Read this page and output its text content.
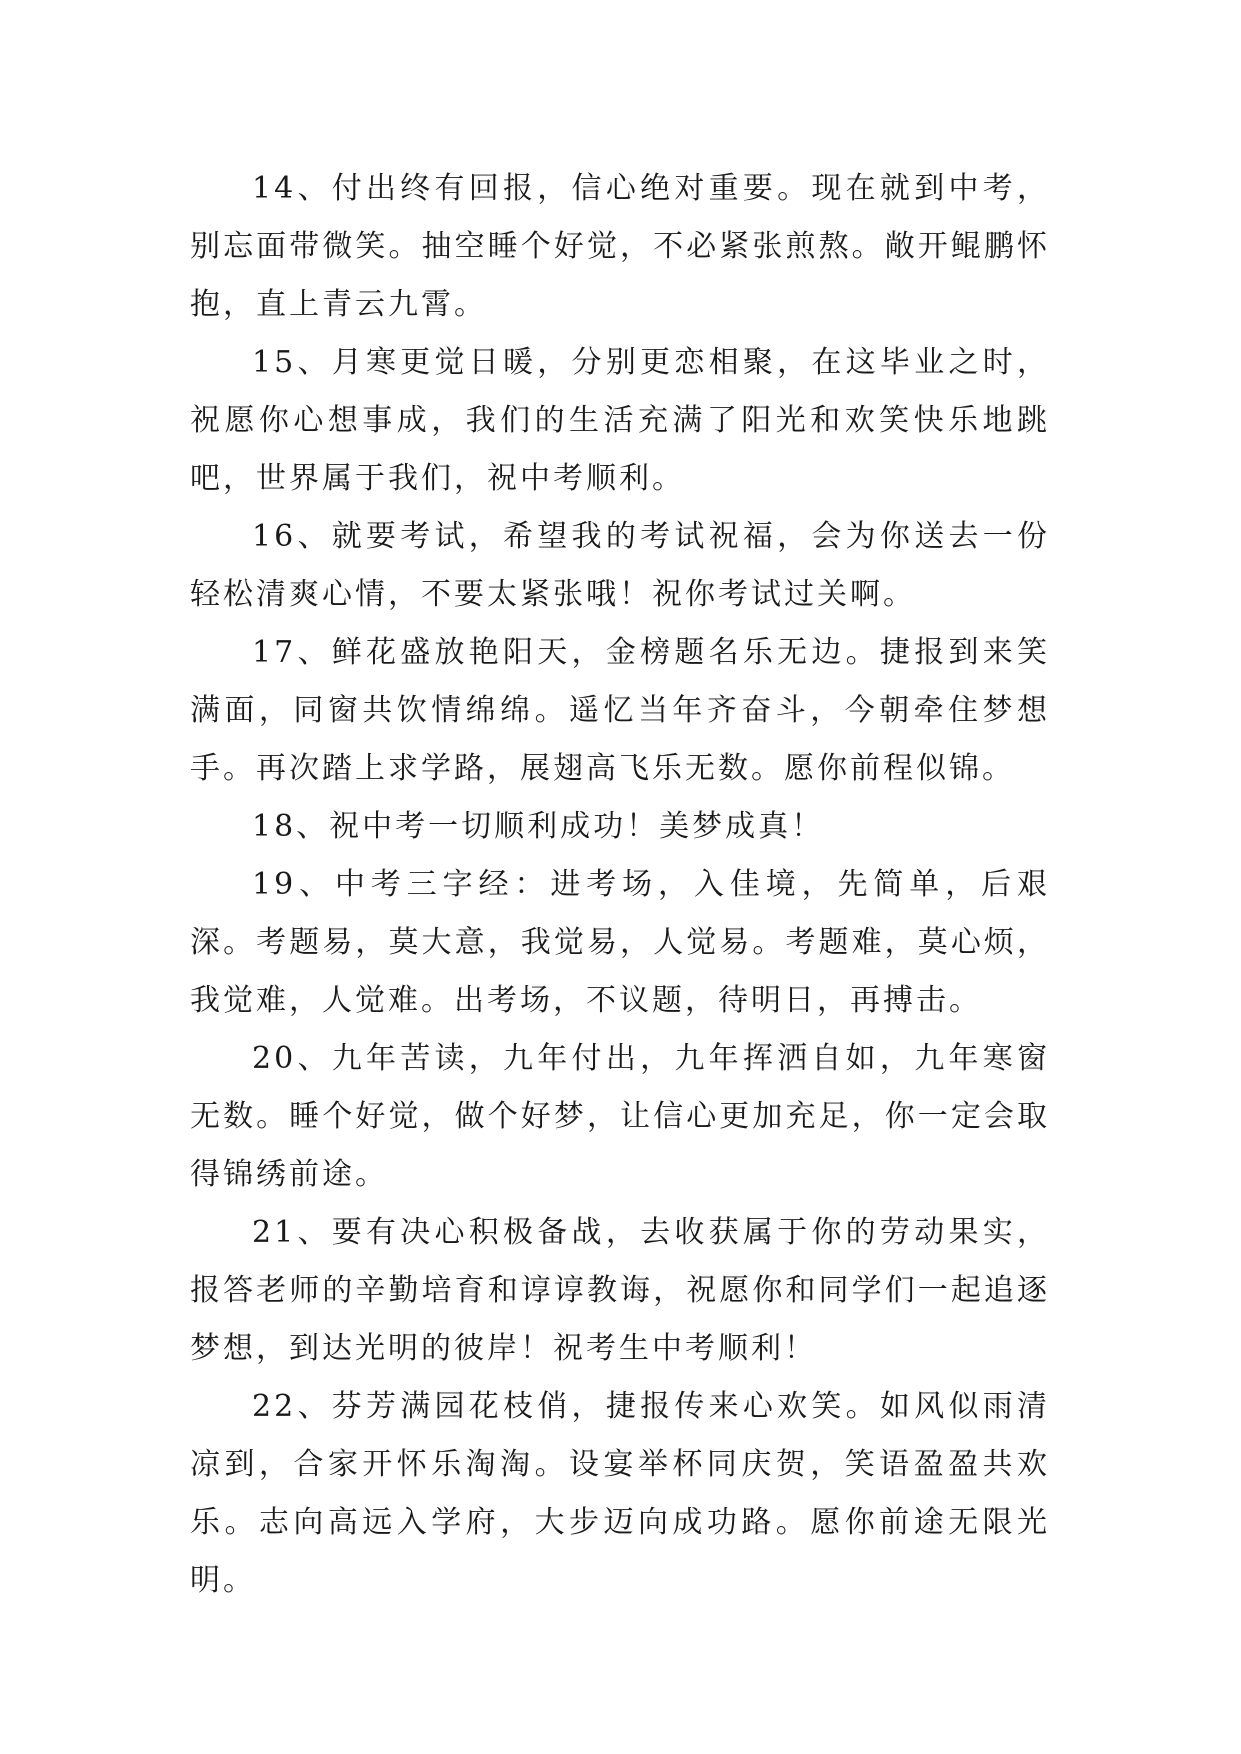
14、付出终有回报，信心绝对重要。现在就到中考，别忘面带微笑。抽空睡个好觉，不必紧张煎熬。敞开鲲鹏怀抱，直上青云九霄。

15、月寒更觉日暖，分别更恋相聚，在这毕业之时，祝愿你心想事成，我们的生活充满了阳光和欢笑快乐地跳吧，世界属于我们，祝中考顺利。

16、就要考试，希望我的考试祝福，会为你送去一份轻松清爽心情，不要太紧张哦！祝你考试过关啊。

17、鲜花盛放艳阳天，金榜题名乐无边。捷报到来笑满面，同窗共饮情绵绵。遥忆当年齐奋斗，今朝牵住梦想手。再次踏上求学路，展翅高飞乐无数。愿你前程似锦。

18、祝中考一切顺利成功！美梦成真！

19、中考三字经：进考场，入佳境，先简单，后艰深。考题易，莫大意，我觉易，人觉易。考题难，莫心烦，我觉难，人觉难。出考场，不议题，待明日，再搏击。

20、九年苦读，九年付出，九年挥洒自如，九年寒窗无数。睡个好觉，做个好梦，让信心更加充足，你一定会取得锦绣前途。

21、要有决心积极备战，去收获属于你的劳动果实，报答老师的辛勤培育和谆谆教诲，祝愿你和同学们一起追逐梦想，到达光明的彼岸！祝考生中考顺利！

22、芬芳满园花枝俏，捷报传来心欢笑。如风似雨清凉到，合家开怀乐淘淘。设宴举杯同庆贺，笑语盈盈共欢乐。志向高远入学府，大步迈向成功路。愿你前途无限光明。
